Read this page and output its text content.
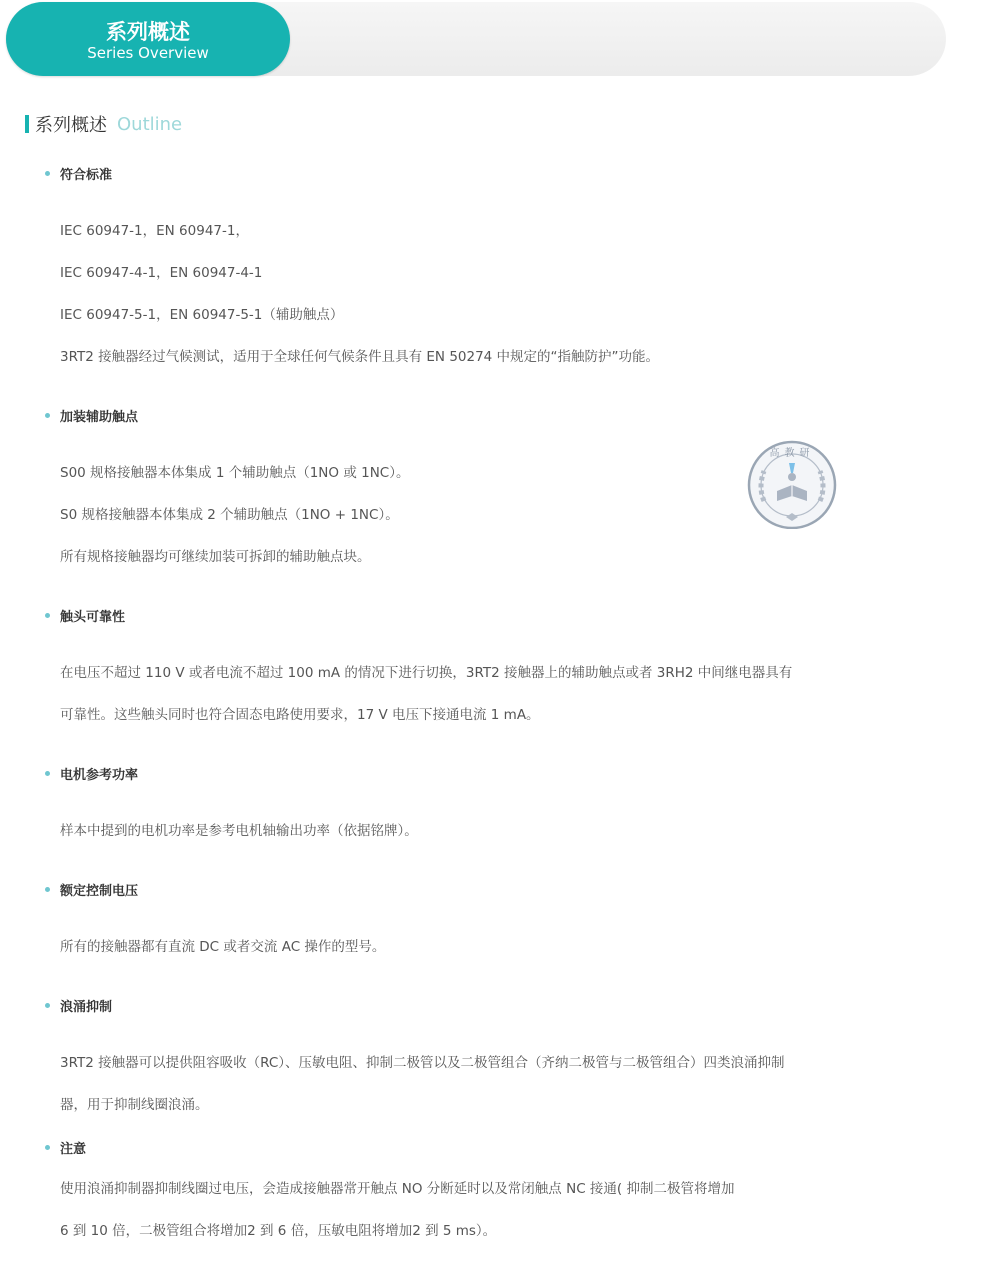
系列概述
Series Overview
系列概述 Outline
符合标准
IEC 60947-1，EN 60947-1，
IEC 60947-4-1，EN 60947-4-1
IEC 60947-5-1，EN 60947-5-1（辅助触点）
3RT2 接触器经过气候测试，适用于全球任何气候条件且具有 EN 50274 中规定的“指触防护”功能。
加装辅助触点
S00 规格接触器本体集成 1 个辅助触点（1NO 或 1NC）。
S0 规格接触器本体集成 2 个辅助触点（1NO + 1NC）。
所有规格接触器均可继续加装可拆卸的辅助触点块。
触头可靠性
在电压不超过 110 V 或者电流不超过 100 mA 的情况下进行切换，3RT2 接触器上的辅助触点或者 3RH2 中间继电器具有
可靠性。这些触头同时也符合固态电路使用要求，17 V 电压下接通电流 1 mA。
电机参考功率
样本中提到的电机功率是参考电机轴输出功率（依据铭牌）。
额定控制电压
所有的接触器都有直流 DC 或者交流 AC 操作的型号。
浪涌抑制
3RT2 接触器可以提供阻容吸收（RC）、压敏电阻、抑制二极管以及二极管组合（齐纳二极管与二极管组合）四类浪涌抑制
器，用于抑制线圈浪涌。
注意
使用浪涌抑制器抑制线圈过电压，会造成接触器常开触点 NO 分断延时以及常闭触点 NC 接通( 抑制二极管将增加
6 到 10 倍，二极管组合将增加2 到 6 倍，压敏电阻将增加2 到 5 ms）。
高教研
